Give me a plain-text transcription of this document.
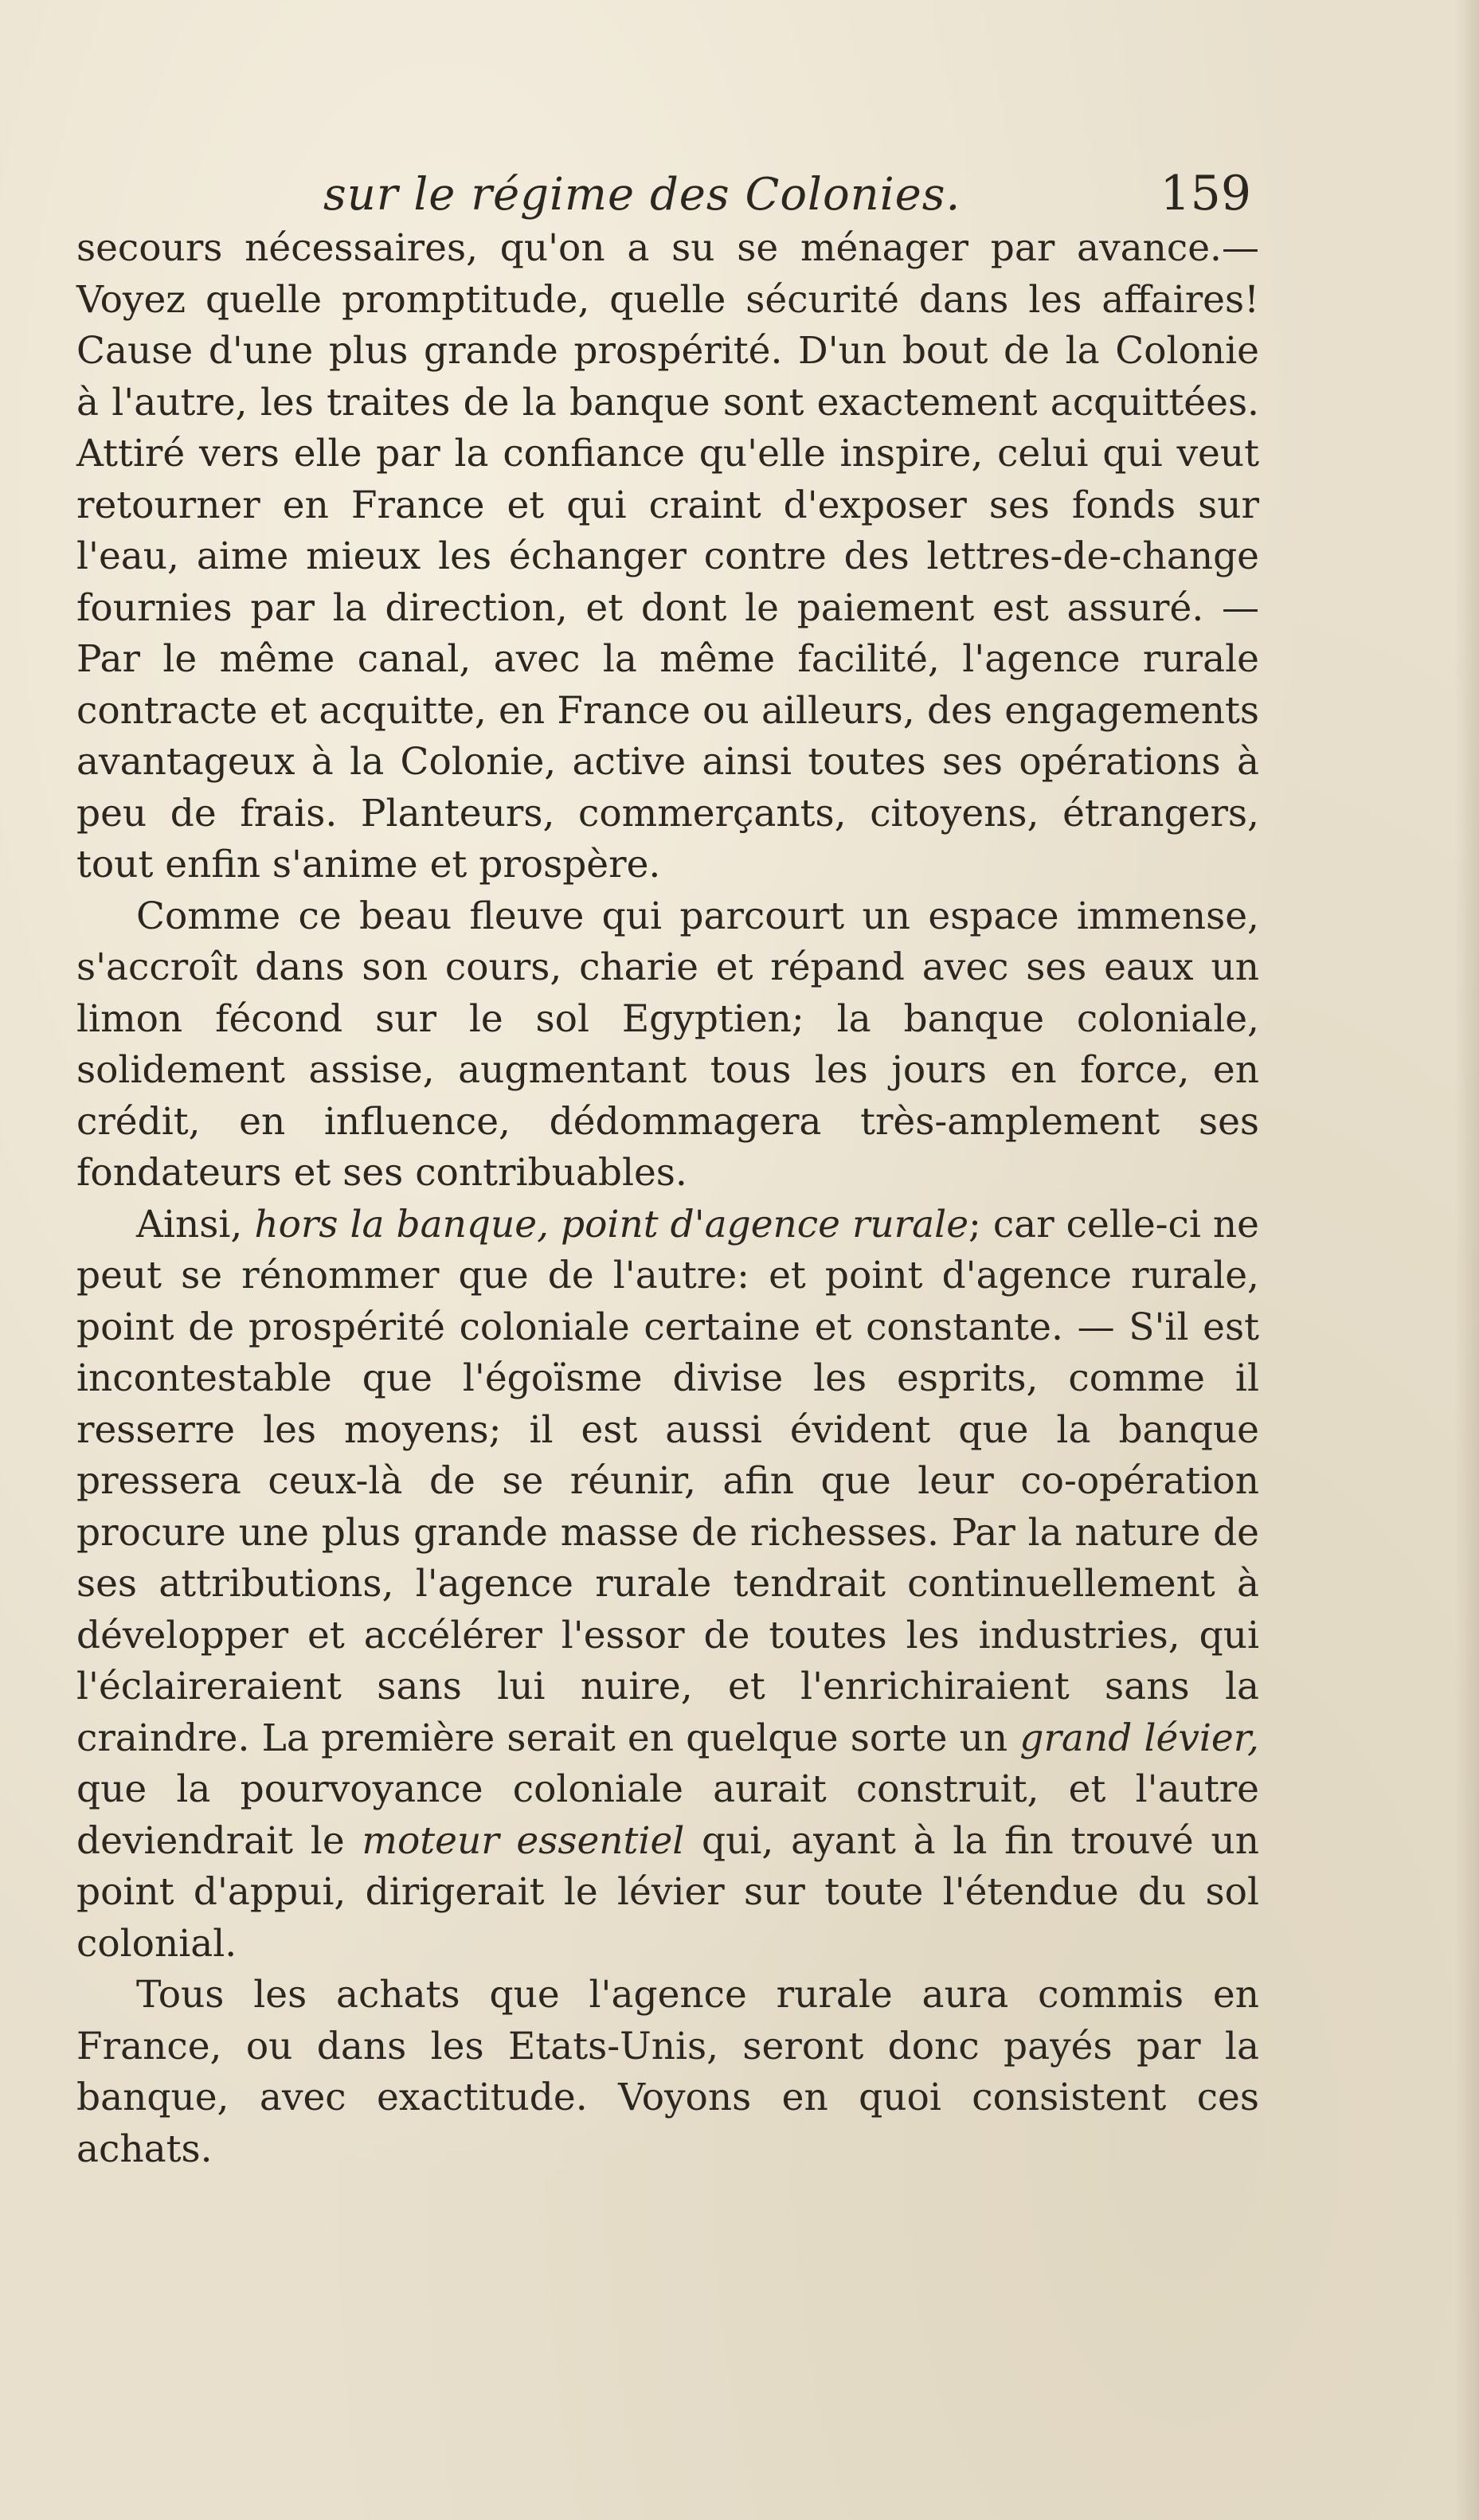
sur le régime des Colonies.	159

secours nécessaires, qu'on a su se ménager par avance.— Voyez quelle promptitude, quelle sécurité dans les affaires! Cause d'une plus grande prospérité. D'un bout de la Colonie à l'autre, les traites de la banque sont exactement acquittées. Attiré vers elle par la confiance qu'elle inspire, celui qui veut retourner en France et qui craint d'exposer ses fonds sur l'eau, aime mieux les échanger contre des lettres-de-change fournies par la direction, et dont le paiement est assuré. — Par le même canal, avec la même facilité, l'agence rurale contracte et acquitte, en France ou ailleurs, des engagements avantageux à la Colonie, active ainsi toutes ses opérations à peu de frais. Planteurs, commerçants, citoyens, étrangers, tout enfin s'anime et prospère.

Comme ce beau fleuve qui parcourt un espace immense, s'accroît dans son cours, charie et répand avec ses eaux un limon fécond sur le sol Egyptien; la banque coloniale, solidement assise, augmentant tous les jours en force, en crédit, en influence, dédommagera très-amplement ses fondateurs et ses contribuables.

Ainsi, hors la banque, point d'agence rurale; car celle-ci ne peut se rénommer que de l'autre: et point d'agence rurale, point de prospérité coloniale certaine et constante. — S'il est incontestable que l'égoïsme divise les esprits, comme il resserre les moyens; il est aussi évident que la banque pressera ceux-là de se réunir, afin que leur co-opération procure une plus grande masse de richesses. Par la nature de ses attributions, l'agence rurale tendrait continuellement à développer et accélérer l'essor de toutes les industries, qui l'éclaireraient sans lui nuire, et l'enrichiraient sans la craindre. La première serait en quelque sorte un grand lévier, que la pourvoyance coloniale aurait construit, et l'autre deviendrait le moteur essentiel qui, ayant à la fin trouvé un point d'appui, dirigerait le lévier sur toute l'étendue du sol colonial.

Tous les achats que l'agence rurale aura commis en France, ou dans les Etats-Unis, seront donc payés par la banque, avec exactitude. Voyons en quoi consistent ces achats.
